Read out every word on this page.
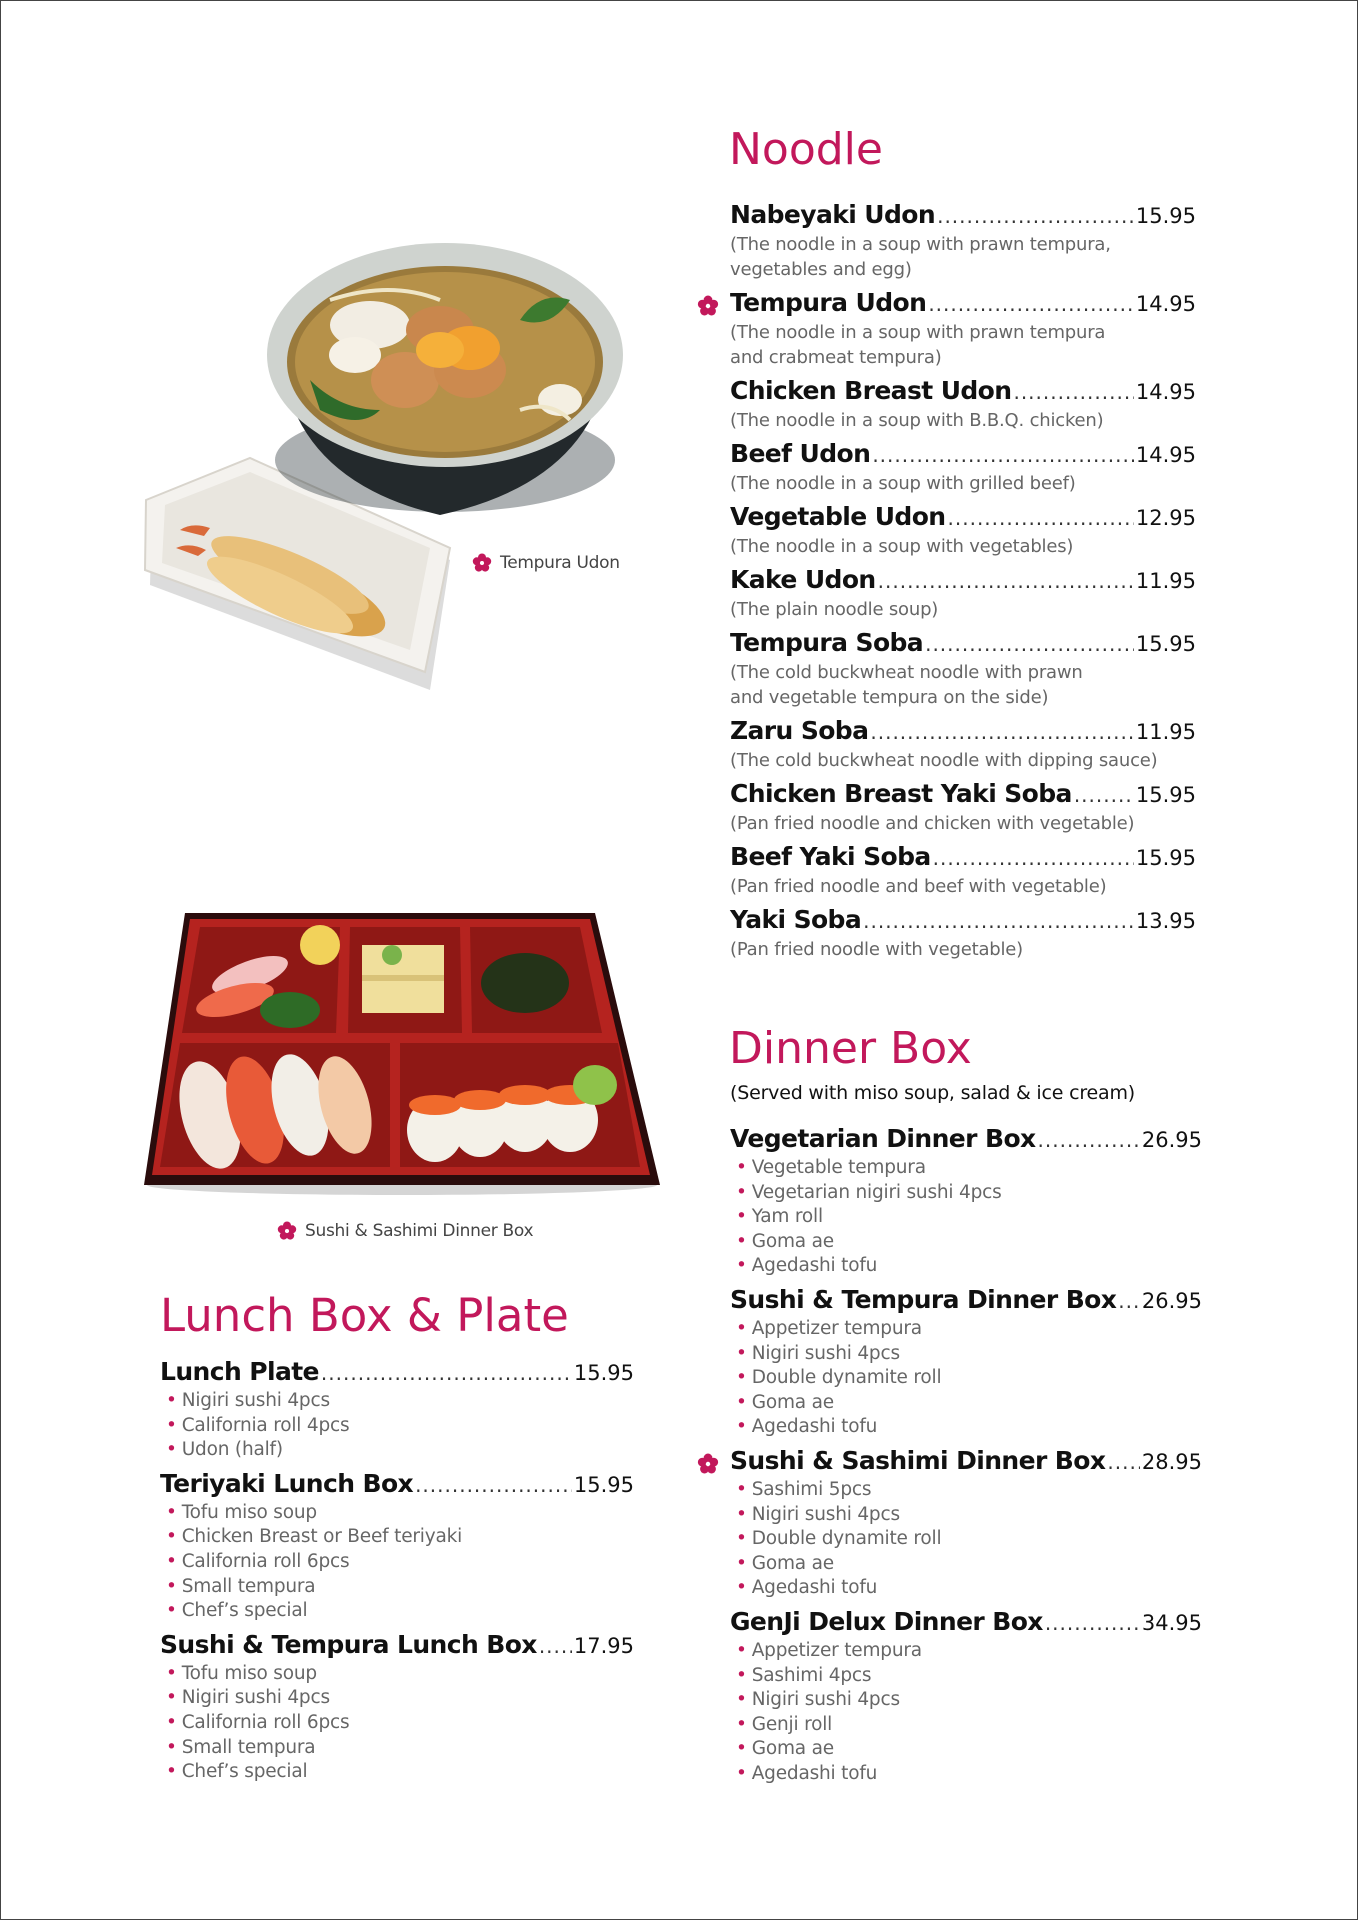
Tempura Udon
Sushi & Sashimi Dinner Box
Noodle
Nabeyaki Udon .....	15.95
(The noodle in a soup with prawn tempura,
vegetables and egg)
Tempura Udon .....	14.95
(The noodle in a soup with prawn tempura
and crabmeat tempura)
Chicken Breast Udon .....	14.95
(The noodle in a soup with B.B.Q. chicken)
Beef Udon .....	14.95
(The noodle in a soup with grilled beef)
Vegetable Udon .....	12.95
(The noodle in a soup with vegetables)
Kake Udon .....	11.95
(The plain noodle soup)
Tempura Soba .....	15.95
(The cold buckwheat noodle with prawn
and vegetable tempura on the side)
Zaru Soba .....	11.95
(The cold buckwheat noodle with dipping sauce)
Chicken Breast Yaki Soba .....	15.95
(Pan fried noodle and chicken with vegetable)
Beef Yaki Soba .....	15.95
(Pan fried noodle and beef with vegetable)
Yaki Soba .....	13.95
(Pan fried noodle with vegetable)
Dinner Box
(Served with miso soup, salad & ice cream)
Vegetarian Dinner Box .....	26.95
• Vegetable tempura
• Vegetarian nigiri sushi 4pcs
• Yam roll
• Goma ae
• Agedashi tofu
Sushi & Tempura Dinner Box ..... 26.95
• Appetizer tempura
• Nigiri sushi 4pcs
• Double dynamite roll
• Goma ae
• Agedashi tofu
Sushi & Sashimi Dinner Box ..... 28.95
• Sashimi 5pcs
• Nigiri sushi 4pcs
• Double dynamite roll
• Goma ae
• Agedashi tofu
GenJi Delux Dinner Box .....	34.95
• Appetizer tempura
• Sashimi 4pcs
• Nigiri sushi 4pcs
• Genji roll
• Goma ae
• Agedashi tofu
Lunch Box & Plate
Lunch Plate .....	15.95
• Nigiri sushi 4pcs
• California roll 4pcs
• Udon (half)
Teriyaki Lunch Box .....	15.95
• Tofu miso soup
• Chicken Breast or Beef teriyaki
• California roll 6pcs
• Small tempura
• Chef’s special
Sushi & Tempura Lunch Box ..... 17.95
• Tofu miso soup
• Nigiri sushi 4pcs
• California roll 6pcs
• Small tempura
• Chef’s special
